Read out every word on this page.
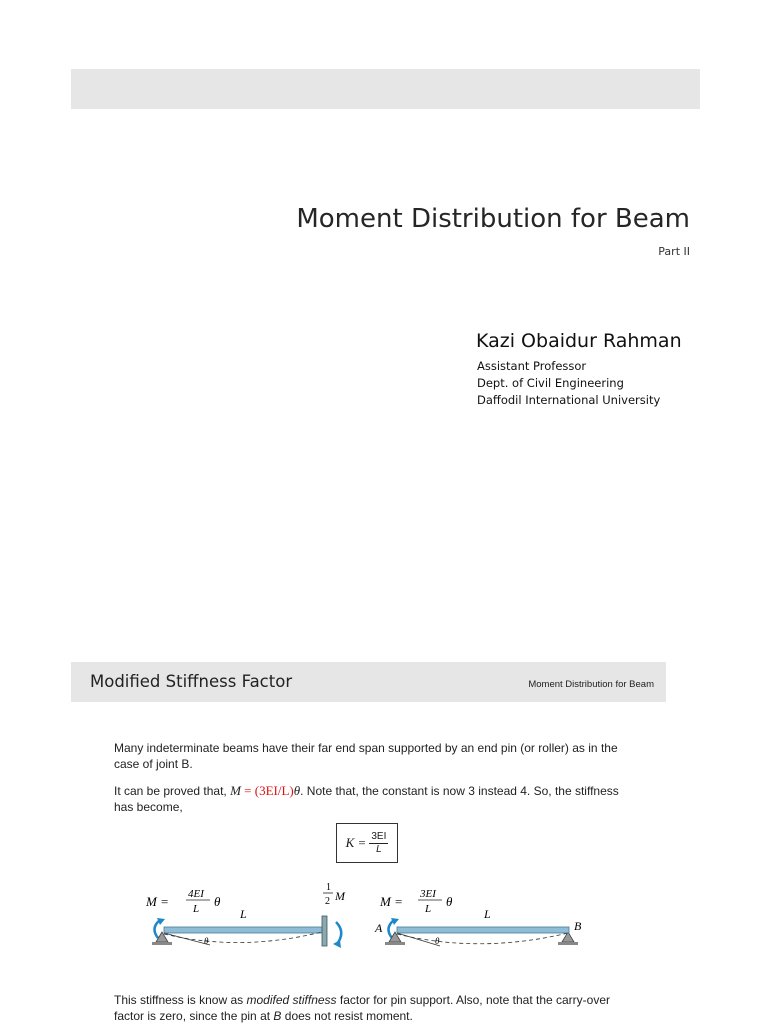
Moment Distribution for Beam
Part II
Kazi Obaidur Rahman
Assistant Professor
Dept. of Civil Engineering
Daffodil International University
Modified Stiffness Factor	Moment Distribution for Beam
Many indeterminate beams have their far end span supported by an end pin (or roller) as in the case of joint B.
It can be proved that, M = (3EI/L)θ. Note that, the constant is now 3 instead 4. So, the stiffness has become,
$K = \frac{3EI}{L}$
M = 4EI
L θ
L
1
2 M
θ
M = 3EI
L θ
L
A	B
θ
This stiffness is know as modifed stiffness factor for pin support. Also, note that the carry-over factor is zero, since the pin at B does not resist moment.
